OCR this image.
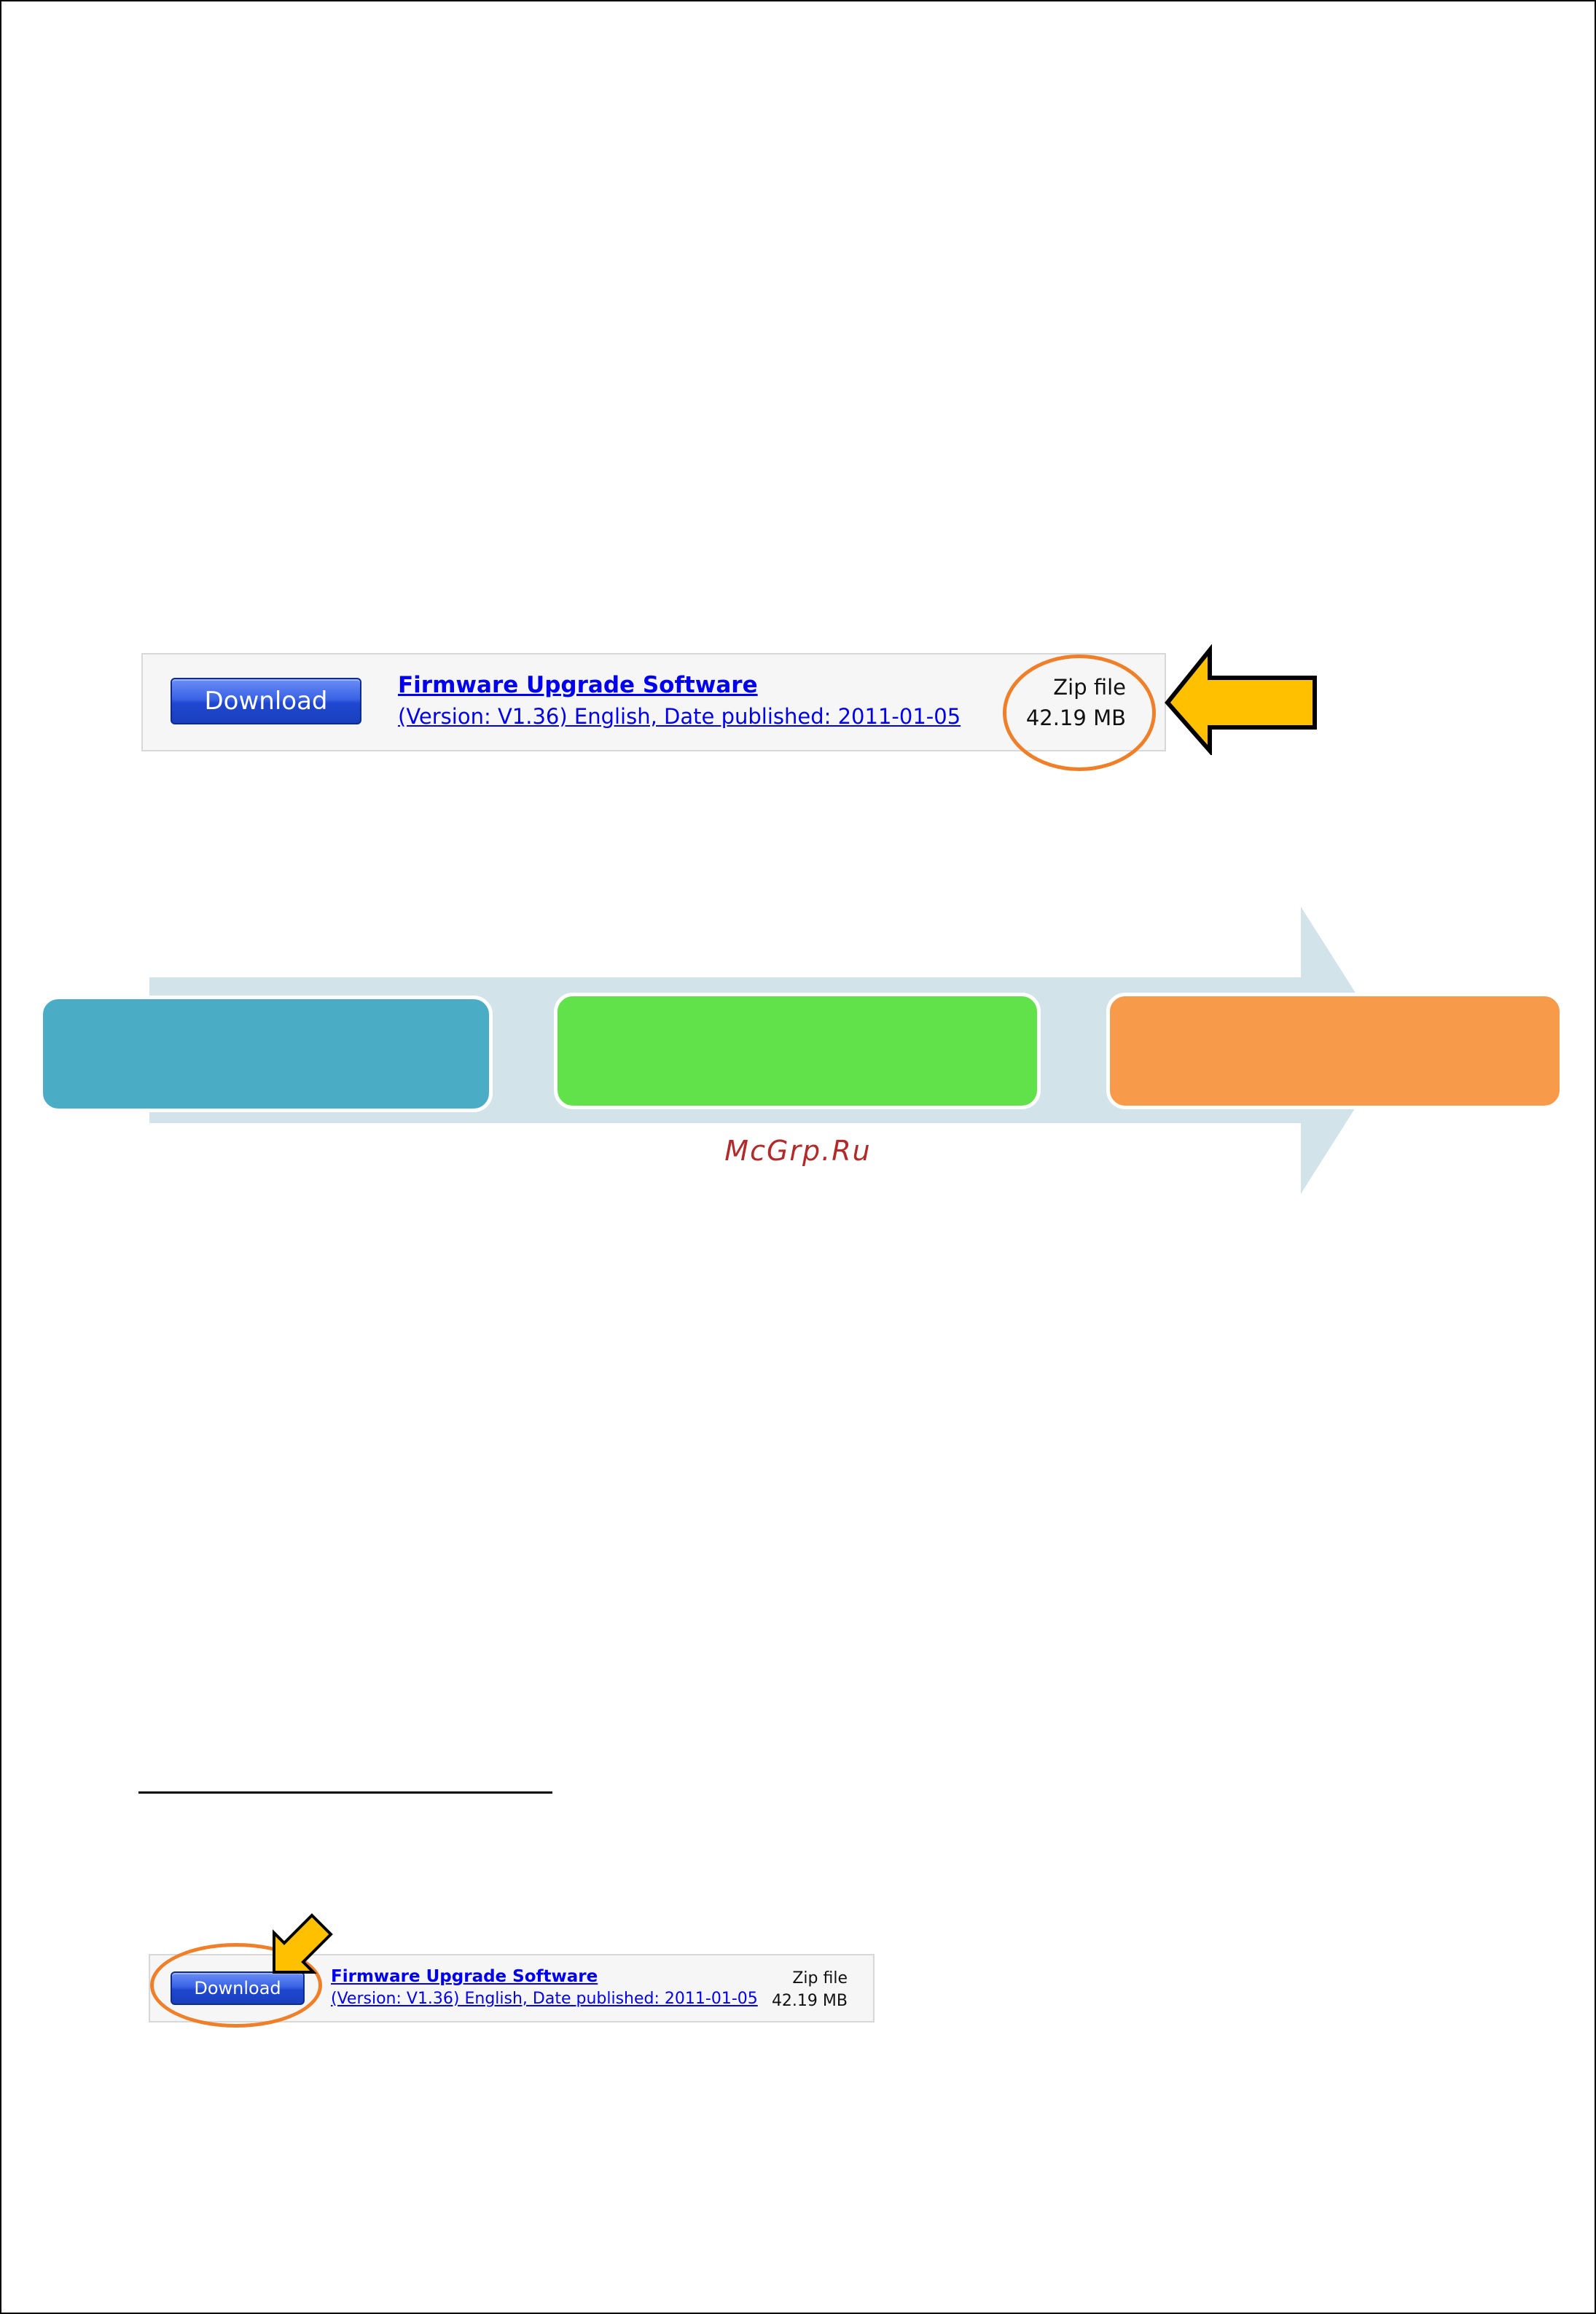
Download
Firmware Upgrade Software
(Version: V1.36) English, Date published: 2011-01-05
Zip file
42.19 MB
McGrp.Ru
Download
Firmware Upgrade Software
(Version: V1.36) English, Date published: 2011-01-05
Zip file
42.19 MB
